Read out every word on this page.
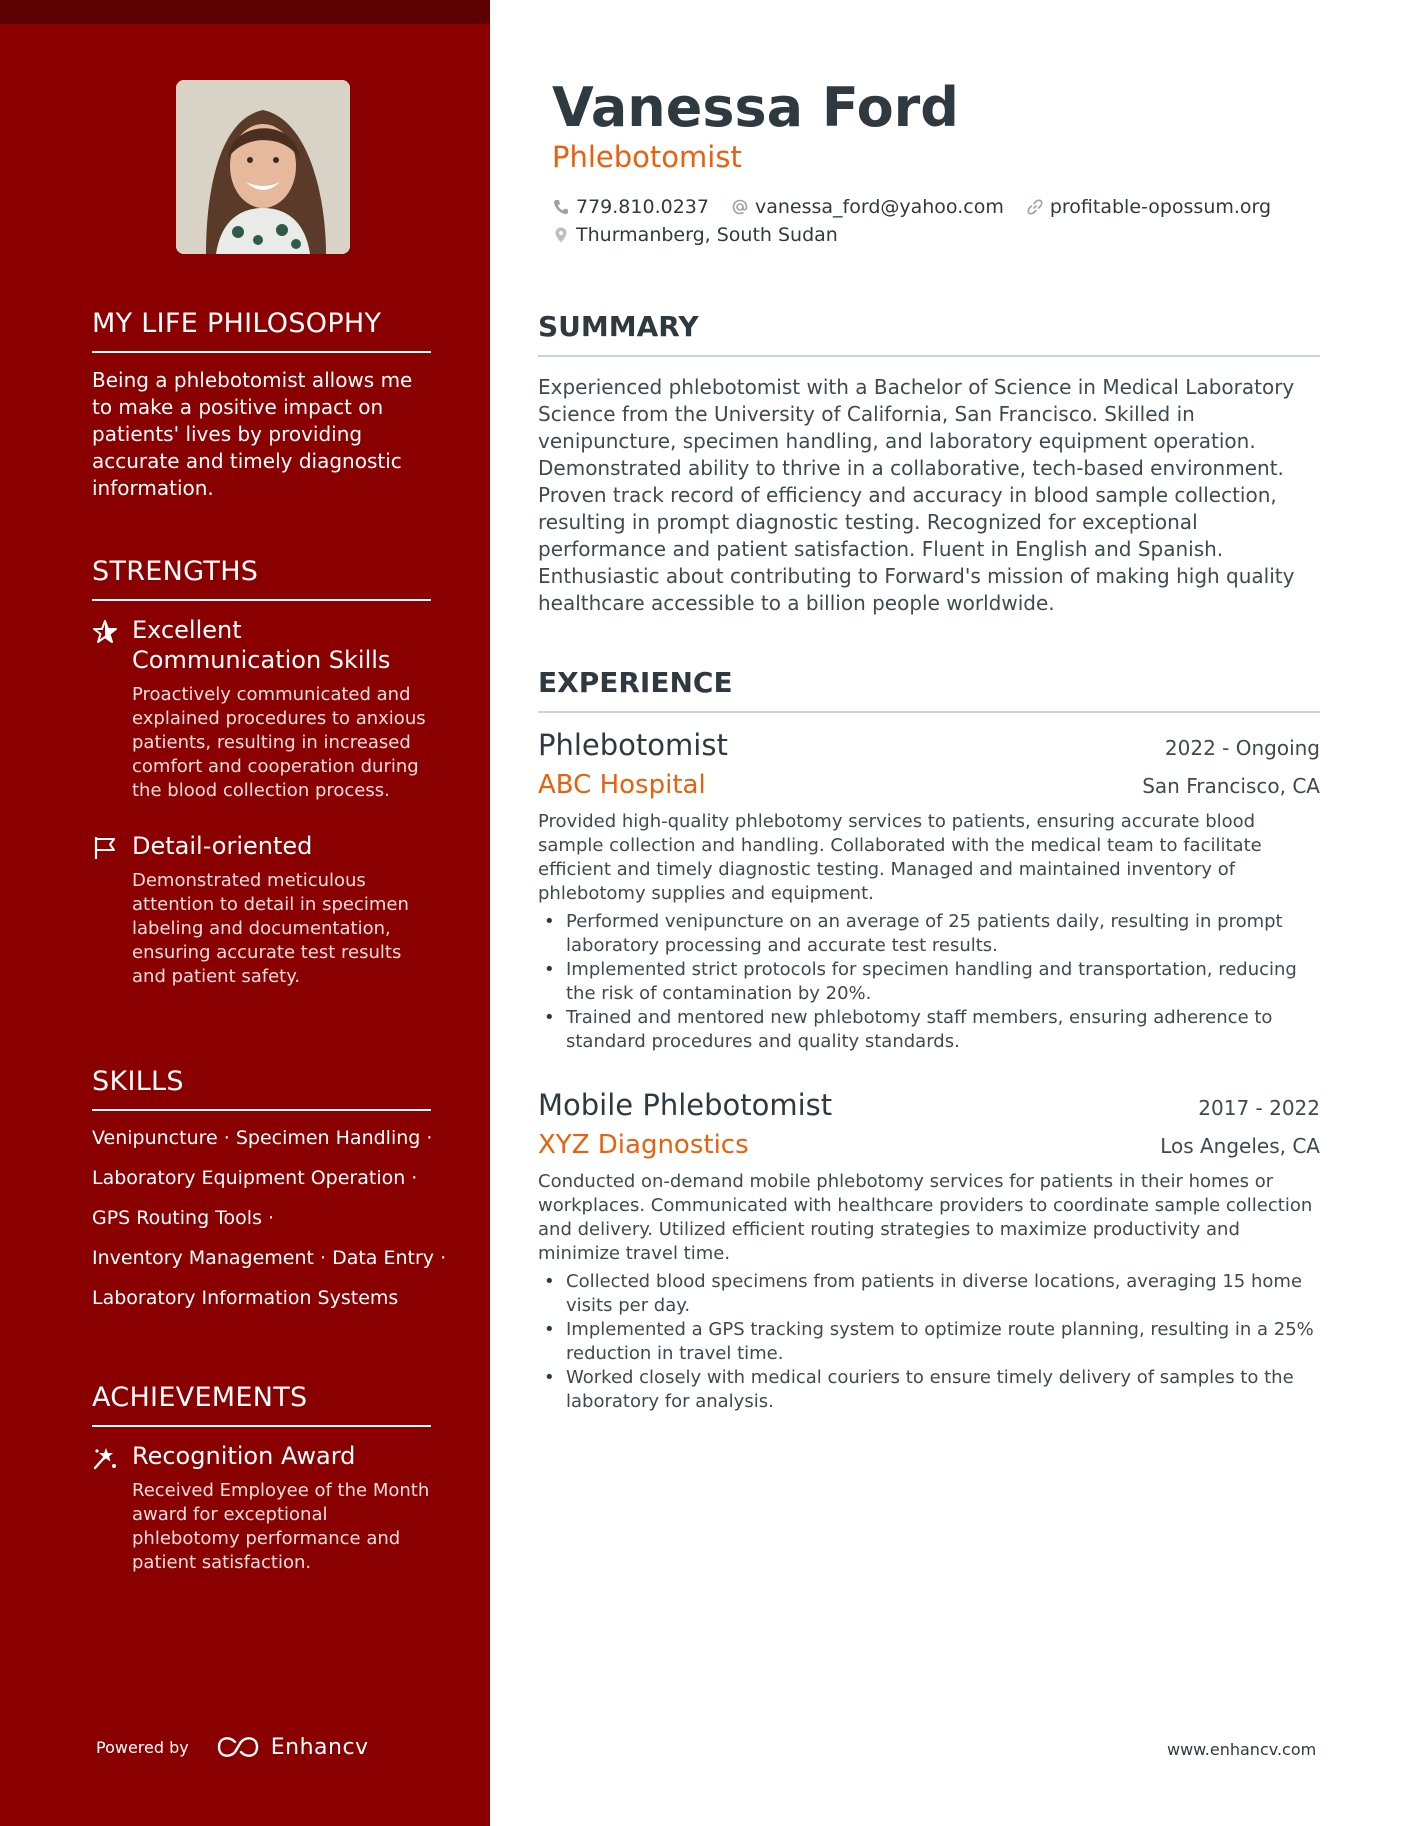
MY LIFE PHILOSOPHY

Being a phlebotomist allows me to make a positive impact on patients' lives by providing accurate and timely diagnostic information.

STRENGTHS
Excellent Communication Skills
Proactively communicated and explained procedures to anxious patients, resulting in increased comfort and cooperation during the blood collection process.
Detail-oriented
Demonstrated meticulous attention to detail in specimen labeling and documentation, ensuring accurate test results and patient safety.
SKILLS
Venipuncture · Specimen Handling ·
Laboratory Equipment Operation ·
GPS Routing Tools ·
Inventory Management · Data Entry ·
Laboratory Information Systems
ACHIEVEMENTS
Recognition Award
Received Employee of the Month award for exceptional phlebotomy performance and patient satisfaction.
Powered by	Enhancv
Vanessa Ford
Phlebotomist
779.810.0237 vanessa_ford@yahoo.com profitable-opossum.org
Thurmanberg, South Sudan
SUMMARY

Experienced phlebotomist with a Bachelor of Science in Medical Laboratory Science from the University of California, San Francisco. Skilled in venipuncture, specimen handling, and laboratory equipment operation. Demonstrated ability to thrive in a collaborative, tech-based environment. Proven track record of efficiency and accuracy in blood sample collection, resulting in prompt diagnostic testing. Recognized for exceptional performance and patient satisfaction. Fluent in English and Spanish. Enthusiastic about contributing to Forward's mission of making high quality healthcare accessible to a billion people worldwide.

EXPERIENCE
Phlebotomist	2022 - Ongoing
ABC Hospital	San Francisco, CA

Provided high-quality phlebotomy services to patients, ensuring accurate blood sample collection and handling. Collaborated with the medical team to facilitate efficient and timely diagnostic testing. Managed and maintained inventory of phlebotomy supplies and equipment.

• Performed venipuncture on an average of 25 patients daily, resulting in prompt laboratory processing and accurate test results.
• Implemented strict protocols for specimen handling and transportation, reducing the risk of contamination by 20%.
• Trained and mentored new phlebotomy staff members, ensuring adherence to standard procedures and quality standards.
Mobile Phlebotomist	2017 - 2022
XYZ Diagnostics	Los Angeles, CA

Conducted on-demand mobile phlebotomy services for patients in their homes or workplaces. Communicated with healthcare providers to coordinate sample collection and delivery. Utilized efficient routing strategies to maximize productivity and minimize travel time.

• Collected blood specimens from patients in diverse locations, averaging 15 home visits per day.
• Implemented a GPS tracking system to optimize route planning, resulting in a 25% reduction in travel time.
• Worked closely with medical couriers to ensure timely delivery of samples to the laboratory for analysis.
www.enhancv.com
